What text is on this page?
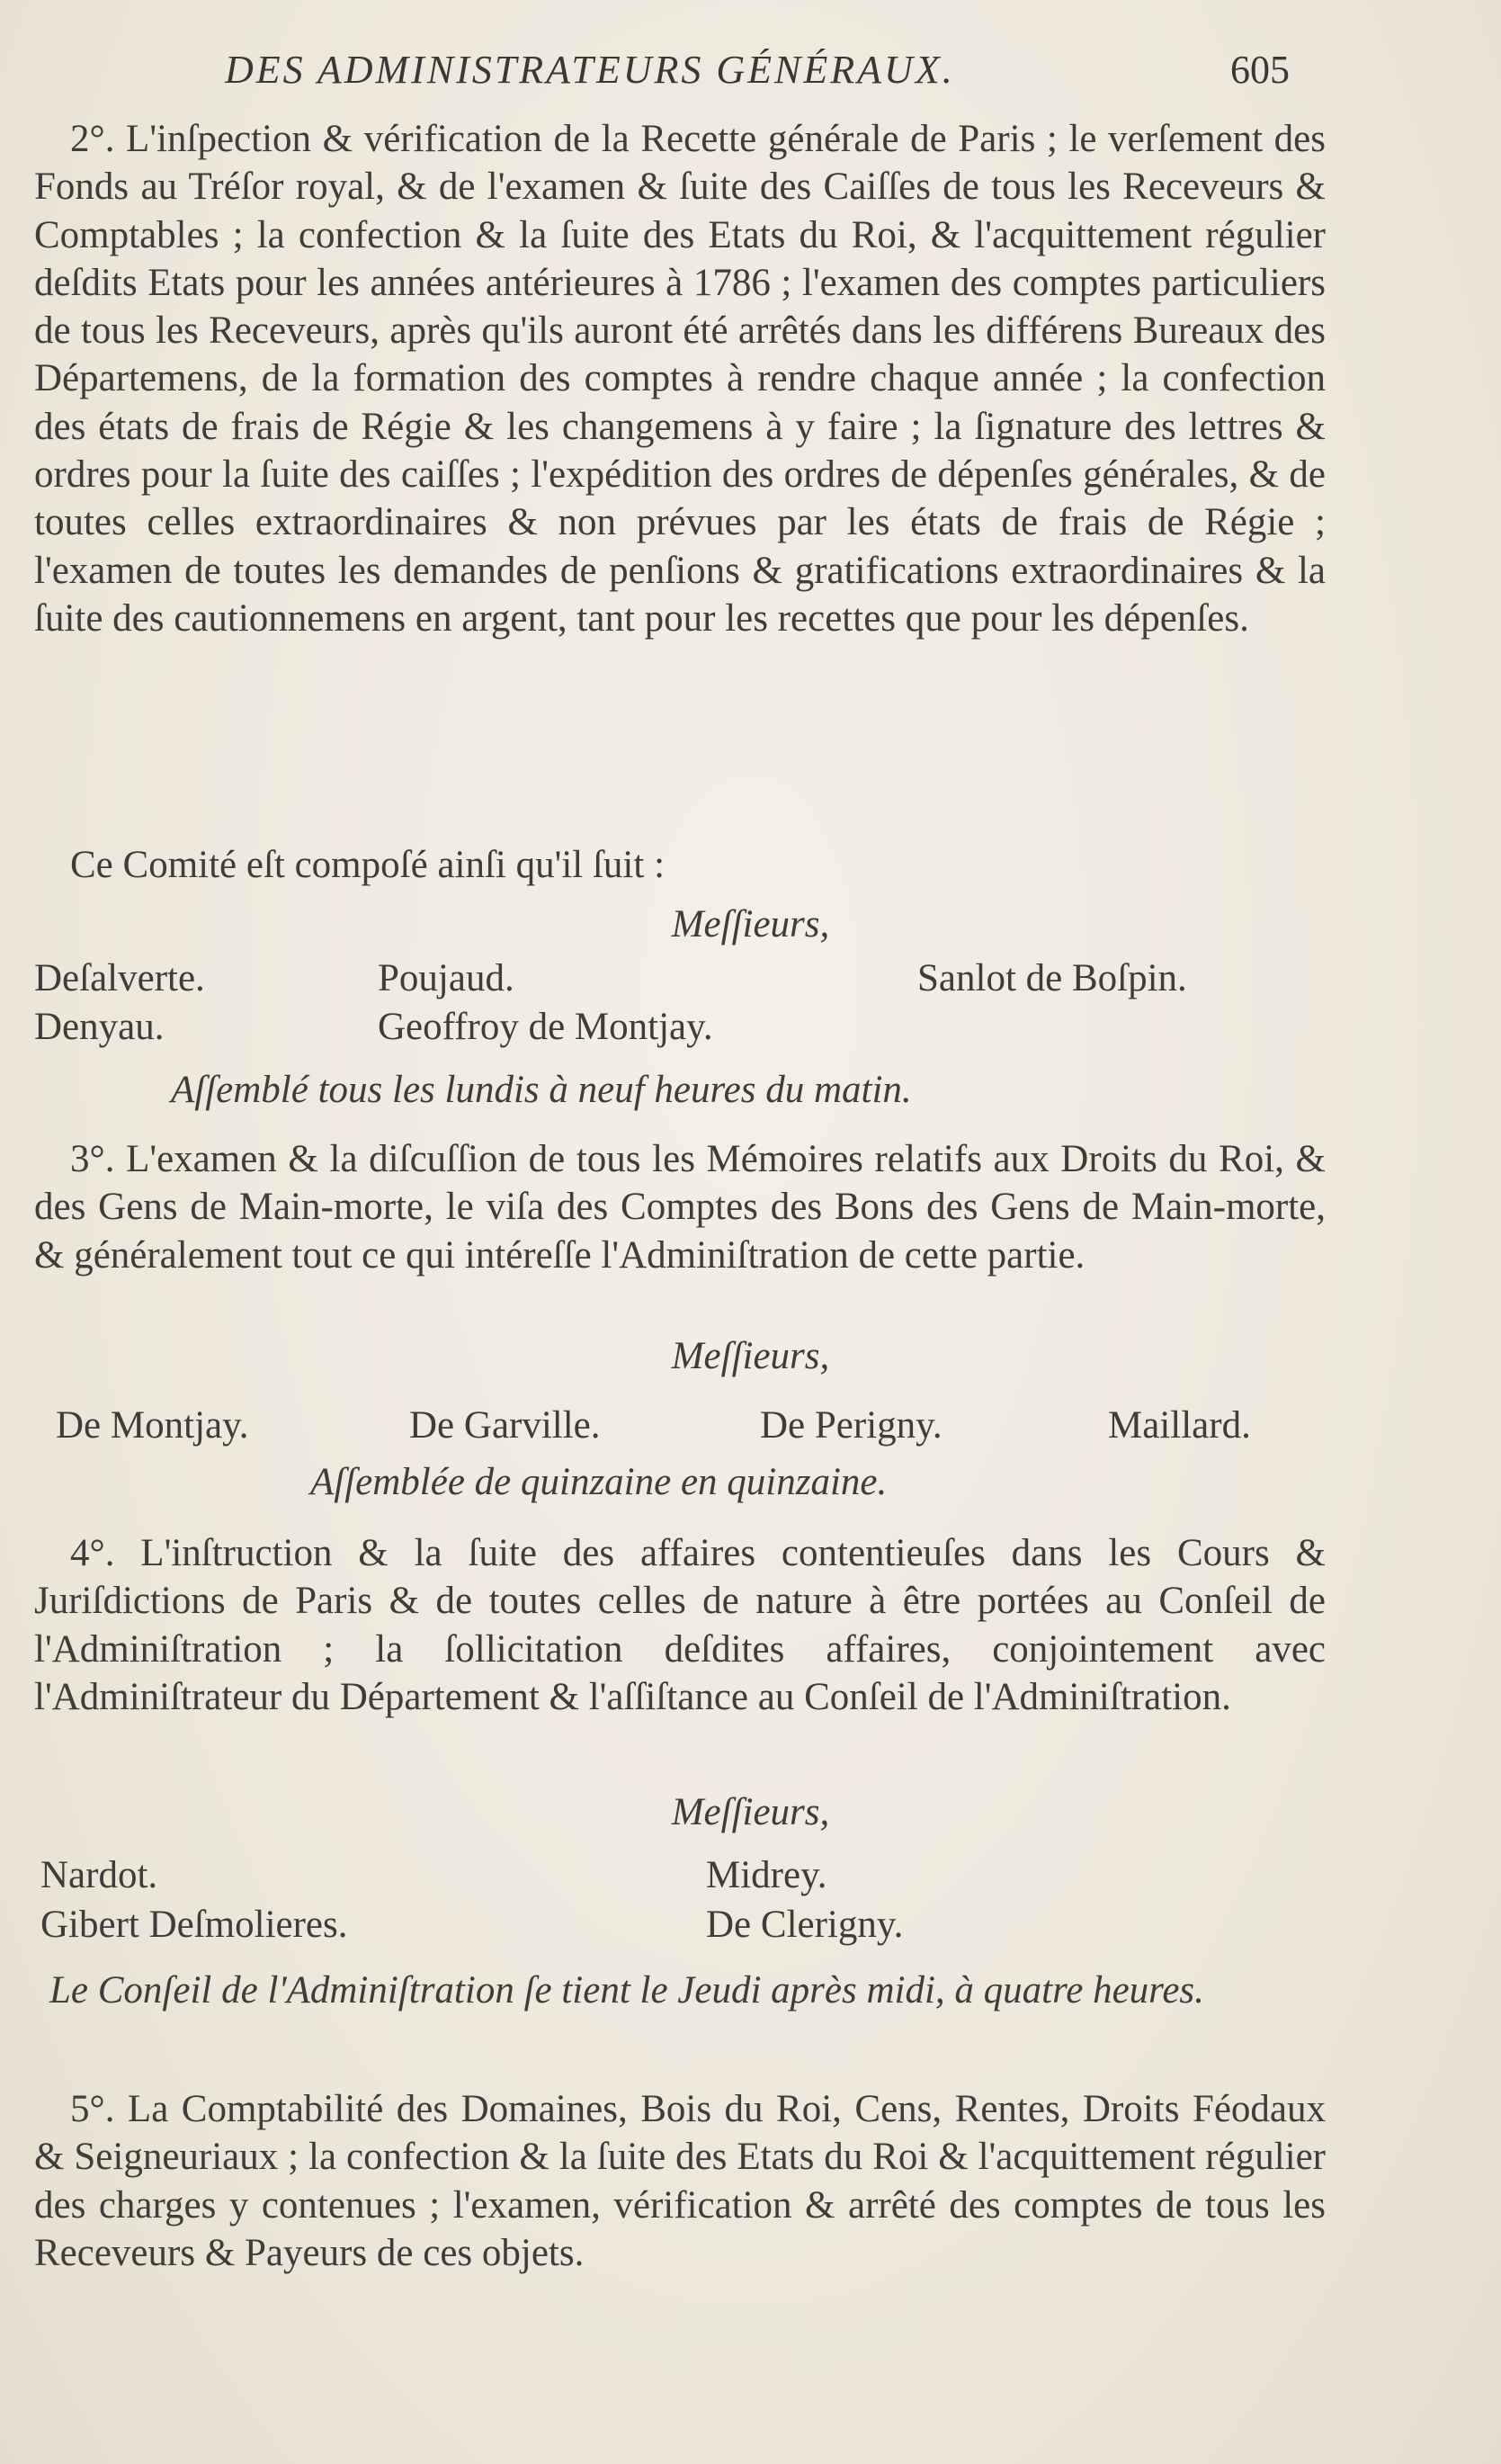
DES ADMINISTRATEURS GÉNÉRAUX.	605

2°. L'inſpection & vérification de la Recette générale de Paris ; le verſement des Fonds au Tréſor royal, & de l'examen & ſuite des Caiſſes de tous les Receveurs & Comptables ; la confection & la ſuite des Etats du Roi, & l'acquittement régulier deſdits Etats pour les années antérieures à 1786 ; l'examen des comptes particuliers de tous les Receveurs, après qu'ils auront été arrêtés dans les différens Bureaux des Départemens, de la formation des comptes à rendre chaque année ; la confection des états de frais de Régie & les changemens à y faire ; la ſignature des lettres & ordres pour la ſuite des caiſſes ; l'expédition des ordres de dépenſes générales, & de toutes celles extraordinaires & non prévues par les états de frais de Régie ; l'examen de toutes les demandes de penſions & gratifications extraordinaires & la ſuite des cautionnemens en argent, tant pour les recettes que pour les dépenſes.

Ce Comité eſt compoſé ainſi qu'il ſuit :

Meſſieurs,
Deſalverte.	Poujaud.	Sanlot de Boſpin.
Denyau.	Geoffroy de Montjay.
Aſſemblé tous les lundis à neuf heures du matin.

3°. L'examen & la diſcuſſion de tous les Mémoires relatifs aux Droits du Roi, & des Gens de Main-morte, le viſa des Comptes des Bons des Gens de Main-morte, & généralement tout ce qui intéreſſe l'Adminiſtration de cette partie.

Meſſieurs,
De Montjay.	De Garville.	De Perigny.	Maillard.
Aſſemblée de quinzaine en quinzaine.

4°. L'inſtruction & la ſuite des affaires contentieuſes dans les Cours & Juriſdictions de Paris & de toutes celles de nature à être portées au Conſeil de l'Adminiſtration ; la ſollicitation deſdites affaires, conjointement avec l'Adminiſtrateur du Département & l'aſſiſtance au Conſeil de l'Adminiſtration.

Meſſieurs,
Nardot.	Midrey.
Gibert Deſmolieres.	De Clerigny.

Le Conſeil de l'Adminiſtration ſe tient le Jeudi après midi, à quatre heures.

5°. La Comptabilité des Domaines, Bois du Roi, Cens, Rentes, Droits Féodaux & Seigneuriaux ; la confection & la ſuite des Etats du Roi & l'acquittement régulier des charges y contenues ; l'examen, vérification & arrêté des comptes de tous les Receveurs & Payeurs de ces objets.
